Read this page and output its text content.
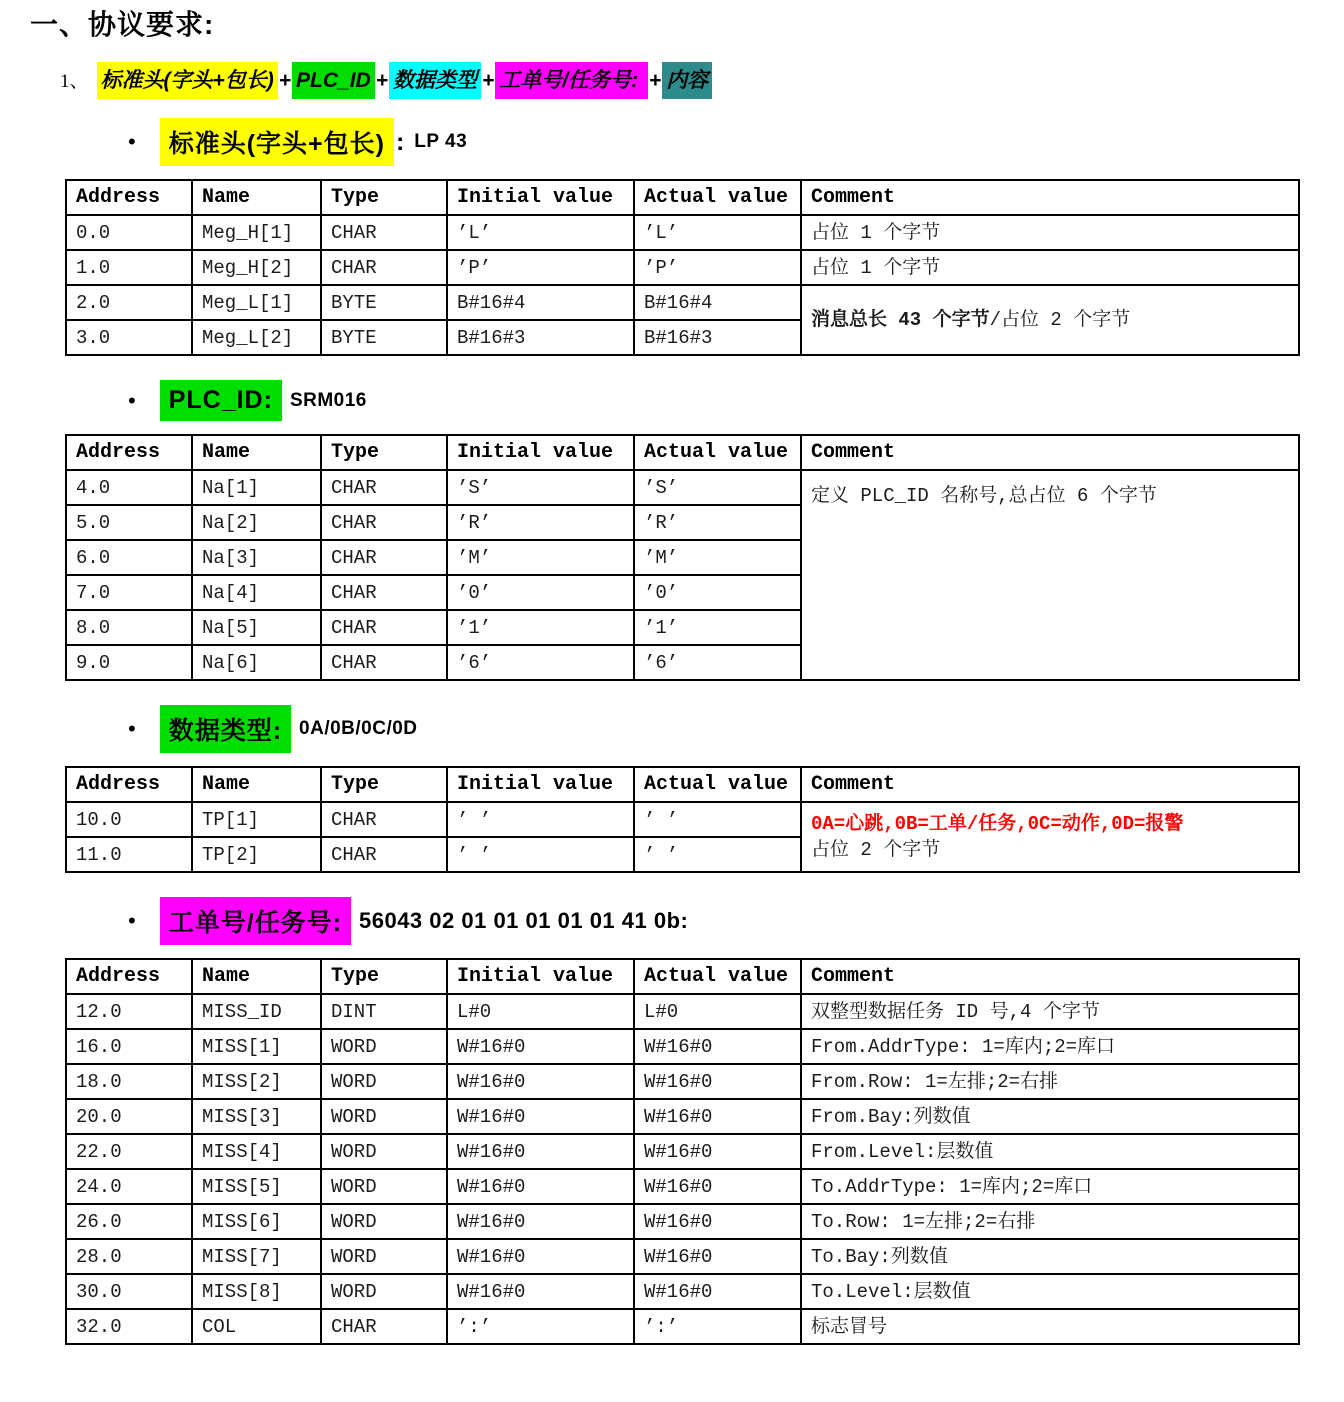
一、协议要求:
1、 标准头(字头+包长) + PLC_ID + 数据类型 + 工单号/任务号: + 内容
•	标准头(字头+包长) : LP 43
Address	Name	Type	Initial value	Actual value	Comment
0.0	Meg_H[1]	CHAR	’L’	’L’	占位 1 个字节

1.0	Meg_H[2]	CHAR	’P’	’P’	占位 1 个字节

2.0	Meg_L[1]	BYTE	B#16#4	B#16#4	消息总长 43 个字节/占位 2 个字节

3.0	Meg_L[2]	BYTE	B#16#3	B#16#3	
•	PLC_ID: SRM016
Address	Name	Type	Initial value	Actual value	Comment
4.0	Na[1]	CHAR	’S’	’S’	定义 PLC_ID 名称号,总占位 6 个字节

5.0	Na[2]	CHAR	’R’	’R’	
6.0	Na[3]	CHAR	’M’	’M’	
7.0	Na[4]	CHAR	’0’	’0’	
8.0	Na[5]	CHAR	’1’	’1’	
9.0	Na[6]	CHAR	’6’	’6’	
•	数据类型: 0A/0B/0C/0D
Address	Name	Type	Initial value	Actual value	Comment
10.0	TP[1]	CHAR	’ ’	’ ’	0A=心跳,0B=工单/任务,0C=动作,0D=报警
占位 2 个字节

11.0	TP[2]	CHAR	’ ’	’ ’	
•	工单号/任务号: 56043 02 01 01 01 01 01 41 0b:
Address	Name	Type	Initial value	Actual value	Comment
12.0	MISS_ID	DINT	L#0	L#0	双整型数据任务 ID 号,4 个字节

16.0	MISS[1]	WORD	W#16#0	W#16#0	From.AddrType: 1=库内;2=库口

18.0	MISS[2]	WORD	W#16#0	W#16#0	From.Row: 1=左排;2=右排

20.0	MISS[3]	WORD	W#16#0	W#16#0	From.Bay:列数值

22.0	MISS[4]	WORD	W#16#0	W#16#0	From.Level:层数值

24.0	MISS[5]	WORD	W#16#0	W#16#0	To.AddrType: 1=库内;2=库口

26.0	MISS[6]	WORD	W#16#0	W#16#0	To.Row: 1=左排;2=右排

28.0	MISS[7]	WORD	W#16#0	W#16#0	To.Bay:列数值

30.0	MISS[8]	WORD	W#16#0	W#16#0	To.Level:层数值

32.0	COL	CHAR	’:’	’:’	标志冒号
